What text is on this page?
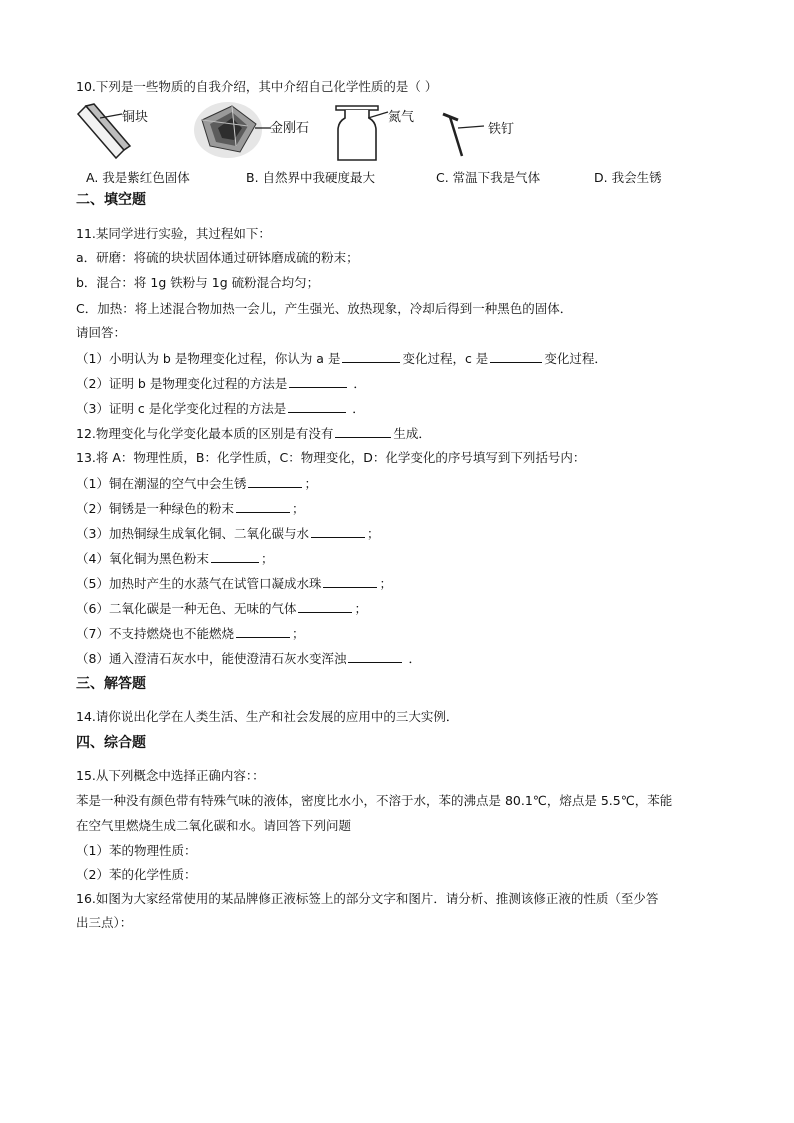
10.下列是一些物质的自我介绍，其中介绍自己化学性质的是（ ）
铜块
金刚石
氮气
铁钉
A. 我是紫红色固体	B. 自然界中我硬度最大	C. 常温下我是气体	D. 我会生锈
二、填空题
11.某同学进行实验，其过程如下：
a．研磨：将硫的块状固体通过研钵磨成硫的粉末；
b．混合：将 1g 铁粉与 1g 硫粉混合均匀；
C．加热：将上述混合物加热一会儿，产生强光、放热现象，冷却后得到一种黑色的固体．
请回答：
（1）小明认为 b 是物理变化过程，你认为 a 是	变化过程，c 是	变化过程．
（2）证明 b 是物理变化过程的方法是	．
（3）证明 c 是化学变化过程的方法是	．
12.物理变化与化学变化最本质的区别是有没有	生成．
13.将 A：物理性质，B：化学性质，C：物理变化，D：化学变化的序号填写到下列括号内：
（1）铜在潮湿的空气中会生锈	；
（2）铜锈是一种绿色的粉末	；
（3）加热铜绿生成氧化铜、二氧化碳与水	；
（4）氧化铜为黑色粉末	；
（5）加热时产生的水蒸气在试管口凝成水珠	；
（6）二氧化碳是一种无色、无味的气体	；
（7）不支持燃烧也不能燃烧	；
（8）通入澄清石灰水中，能使澄清石灰水变浑浊	．
三、解答题
14.请你说出化学在人类生活、生产和社会发展的应用中的三大实例．
四、综合题
15.从下列概念中选择正确内容：：
苯是一种没有颜色带有特殊气味的液体，密度比水小，不溶于水，苯的沸点是 80.1℃，熔点是 5.5℃，苯能
在空气里燃烧生成二氧化碳和水。请回答下列问题
（1）苯的物理性质：
（2）苯的化学性质：
16.如图为大家经常使用的某品牌修正液标签上的部分文字和图片．请分析、推测该修正液的性质（至少答
出三点）：
